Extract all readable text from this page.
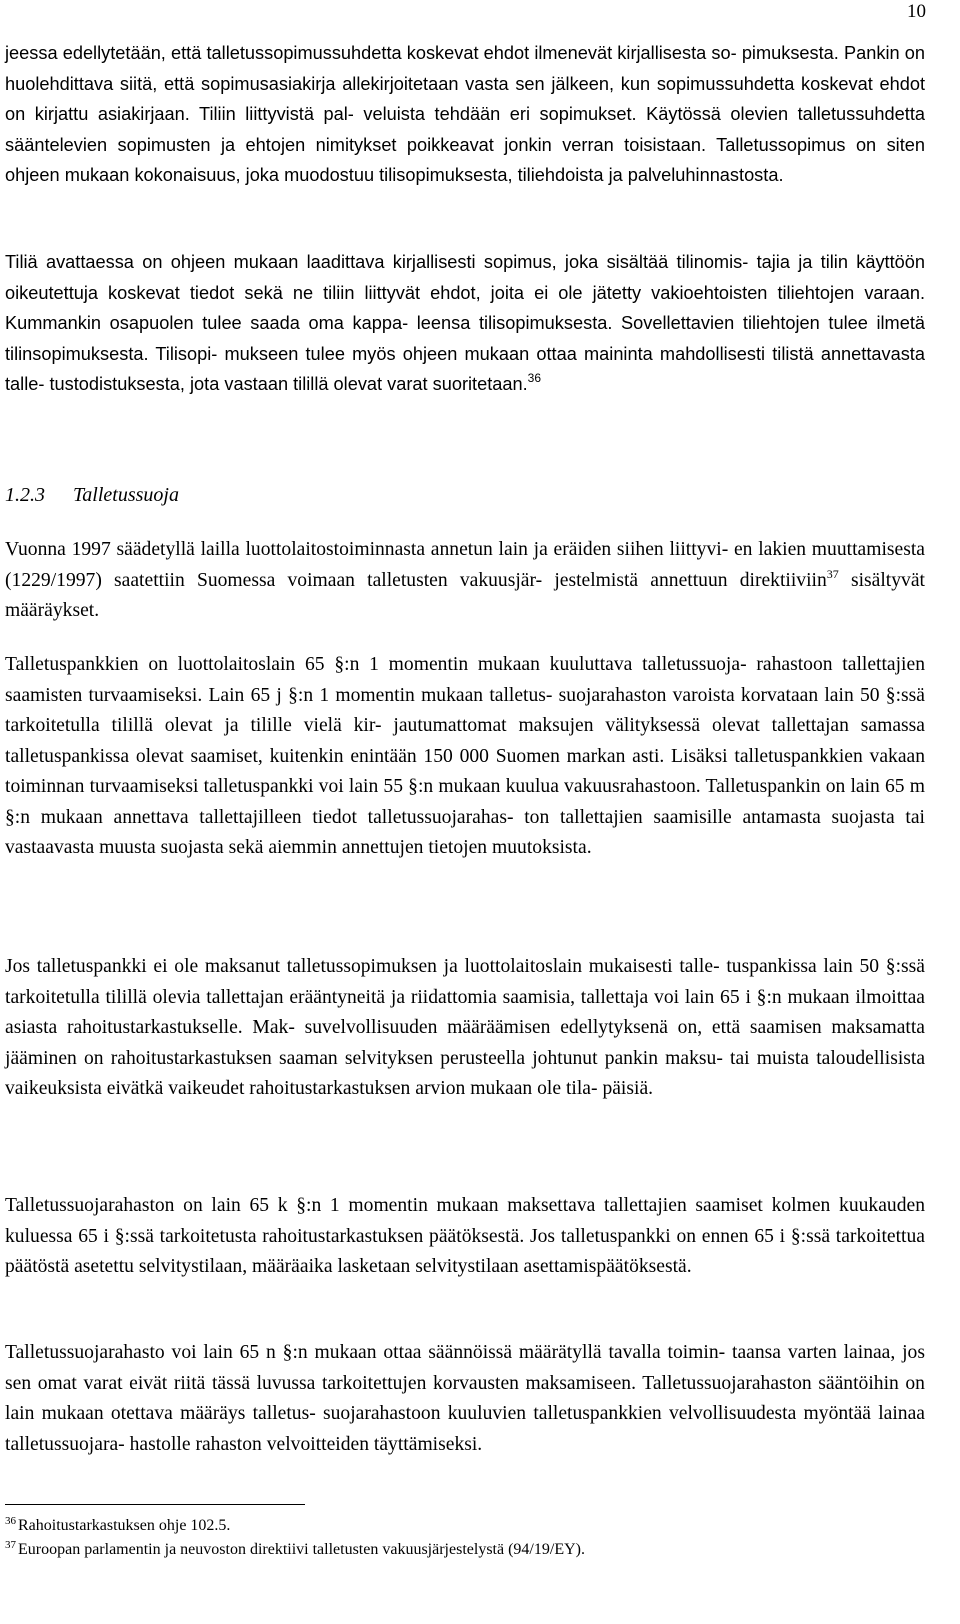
10

jeessa edellytetään, että talletussopimussuhdetta koskevat ehdot ilmenevät kirjallisesta so- pimuksesta. Pankin on huolehdittava siitä, että sopimusasiakirja allekirjoitetaan vasta sen jälkeen, kun sopimussuhdetta koskevat ehdot on kirjattu asiakirjaan. Tiliin liittyvistä pal- veluista tehdään eri sopimukset. Käytössä olevien talletussuhdetta sääntelevien sopimusten ja ehtojen nimitykset poikkeavat jonkin verran toisistaan. Talletussopimus on siten ohjeen mukaan kokonaisuus, joka muodostuu tilisopimuksesta, tiliehdoista ja palveluhinnastosta.

Tiliä avattaessa on ohjeen mukaan laadittava kirjallisesti sopimus, joka sisältää tilinomis- tajia ja tilin käyttöön oikeutettuja koskevat tiedot sekä ne tiliin liittyvät ehdot, joita ei ole jätetty vakioehtoisten tiliehtojen varaan. Kummankin osapuolen tulee saada oma kappa- leensa tilisopimuksesta. Sovellettavien tiliehtojen tulee ilmetä tilinsopimuksesta. Tilisopi- mukseen tulee myös ohjeen mukaan ottaa maininta mahdollisesti tilistä annettavasta talle- tustodistuksesta, jota vastaan tilillä olevat varat suoritetaan.$^{36}$

1.2.3 Talletussuoja

Vuonna 1997 säädetyllä lailla luottolaitostoiminnasta annetun lain ja eräiden siihen liittyvi- en lakien muuttamisesta (1229/1997) saatettiin Suomessa voimaan talletusten vakuusjär- jestelmistä annettuun direktiiviin$^{37}$ sisältyvät määräykset.

Talletuspankkien on luottolaitoslain 65 §:n 1 momentin mukaan kuuluttava talletussuoja- rahastoon tallettajien saamisten turvaamiseksi. Lain 65 j §:n 1 momentin mukaan talletus- suojarahaston varoista korvataan lain 50 §:ssä tarkoitetulla tilillä olevat ja tilille vielä kir- jautumattomat maksujen välityksessä olevat tallettajan samassa talletuspankissa olevat saamiset, kuitenkin enintään 150 000 Suomen markan asti. Lisäksi talletuspankkien vakaan toiminnan turvaamiseksi talletuspankki voi lain 55 §:n mukaan kuulua vakuusrahastoon. Talletuspankin on lain 65 m §:n mukaan annettava tallettajilleen tiedot talletussuojarahas- ton tallettajien saamisille antamasta suojasta tai vastaavasta muusta suojasta sekä aiemmin annettujen tietojen muutoksista.

Jos talletuspankki ei ole maksanut talletussopimuksen ja luottolaitoslain mukaisesti talle- tuspankissa lain 50 §:ssä tarkoitetulla tilillä olevia tallettajan erääntyneitä ja riidattomia saamisia, tallettaja voi lain 65 i §:n mukaan ilmoittaa asiasta rahoitustarkastukselle. Mak- suvelvollisuuden määräämisen edellytyksenä on, että saamisen maksamatta jääminen on rahoitustarkastuksen saaman selvityksen perusteella johtunut pankin maksu- tai muista taloudellisista vaikeuksista eivätkä vaikeudet rahoitustarkastuksen arvion mukaan ole tila- päisiä.

Talletussuojarahaston on lain 65 k §:n 1 momentin mukaan maksettava tallettajien saamiset kolmen kuukauden kuluessa 65 i §:ssä tarkoitetusta rahoitustarkastuksen päätöksestä. Jos talletuspankki on ennen 65 i §:ssä tarkoitettua päätöstä asetettu selvitystilaan, määräaika lasketaan selvitystilaan asettamispäätöksestä.

Talletussuojarahasto voi lain 65 n §:n mukaan ottaa säännöissä määrätyllä tavalla toimin- taansa varten lainaa, jos sen omat varat eivät riitä tässä luvussa tarkoitettujen korvausten maksamiseen. Talletussuojarahaston sääntöihin on lain mukaan otettava määräys talletus- suojarahastoon kuuluvien talletuspankkien velvollisuudesta myöntää lainaa talletussuojara- hastolle rahaston velvoitteiden täyttämiseksi.

$^{36}$ Rahoitustarkastuksen ohje 102.5.

$^{37}$ Euroopan parlamentin ja neuvoston direktiivi talletusten vakuusjärjestelystä (94/19/EY).
